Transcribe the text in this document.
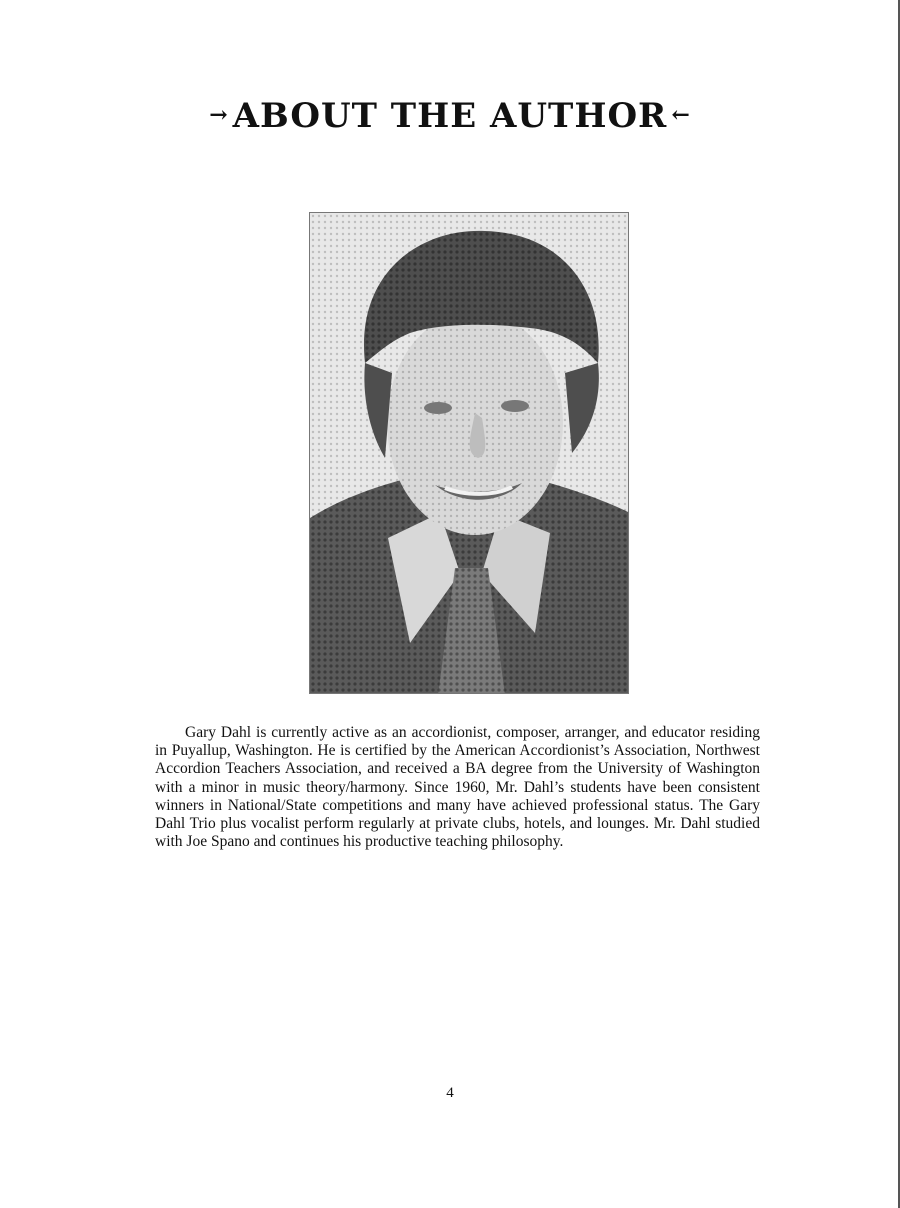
→ ABOUT THE AUTHOR ←

Gary Dahl is currently active as an accordionist, composer, arranger, and educator residing in Puyallup, Washington. He is certified by the American Accordionist’s Association, Northwest Accordion Teachers Association, and received a BA degree from the University of Washington with a minor in music theory/harmony. Since 1960, Mr. Dahl’s students have been consistent winners in National/State competitions and many have achieved professional status. The Gary Dahl Trio plus vocalist perform regularly at private clubs, hotels, and lounges. Mr. Dahl studied with Joe Spano and continues his productive teaching philosophy.

4
